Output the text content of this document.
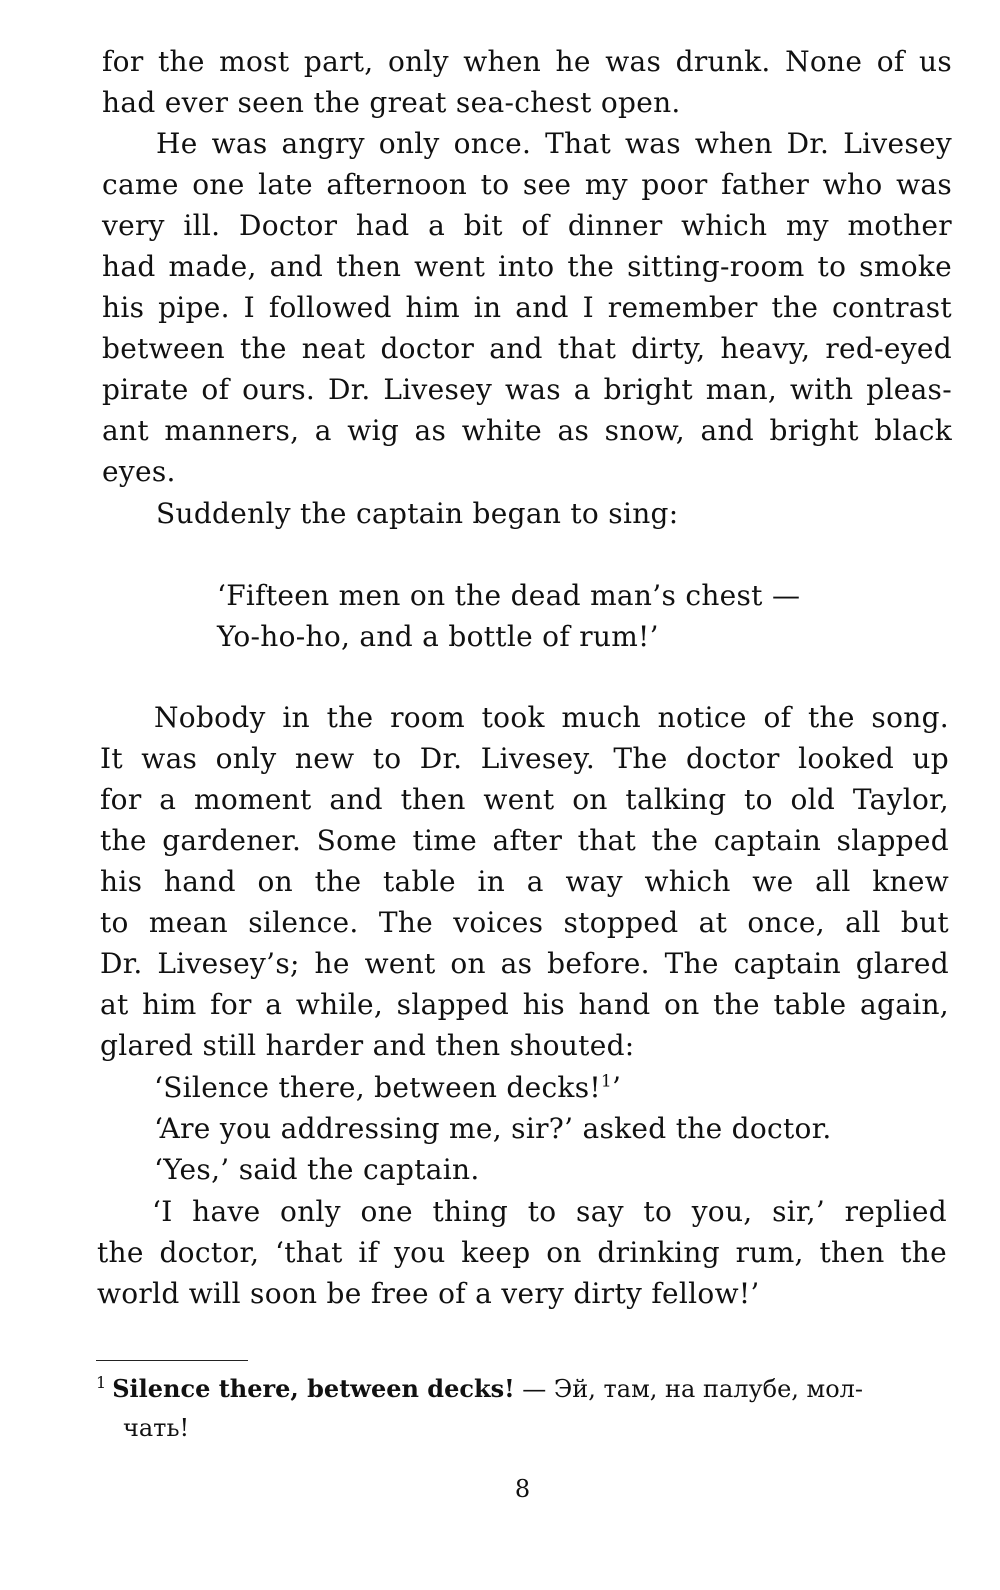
for the most part, only when he was drunk. None of us
had ever seen the great sea-chest open.
He was angry only once. That was when Dr. Livesey
came one late afternoon to see my poor father who was
very ill. Doctor had a bit of dinner which my mother
had made, and then went into the sitting-room to smoke
his pipe. I followed him in and I remember the contrast
between the neat doctor and that dirty, heavy, red-eyed
pirate of ours. Dr. Livesey was a bright man, with pleas-
ant manners, a wig as white as snow, and bright black
eyes.
Suddenly the captain began to sing:
‘Fifteen men on the dead man’s chest —
Yo-ho-ho, and a bottle of rum!’
Nobody in the room took much notice of the song.
It was only new to Dr. Livesey. The doctor looked up
for a moment and then went on talking to old Taylor,
the gardener. Some time after that the captain slapped
his hand on the table in a way which we all knew
to mean silence. The voices stopped at once, all but
Dr. Livesey’s; he went on as before. The captain glared
at him for a while, slapped his hand on the table again,
glared still harder and then shouted:
‘Silence there, between decks!$^1$’
‘Are you addressing me, sir?’ asked the doctor.
‘Yes,’ said the captain.
‘I have only one thing to say to you, sir,’ replied
the doctor, ‘that if you keep on drinking rum, then the
world will soon be free of a very dirty fellow!’
$^1$ Silence there, between decks! — Эй, там, на палубе, мол-
чать!
8
